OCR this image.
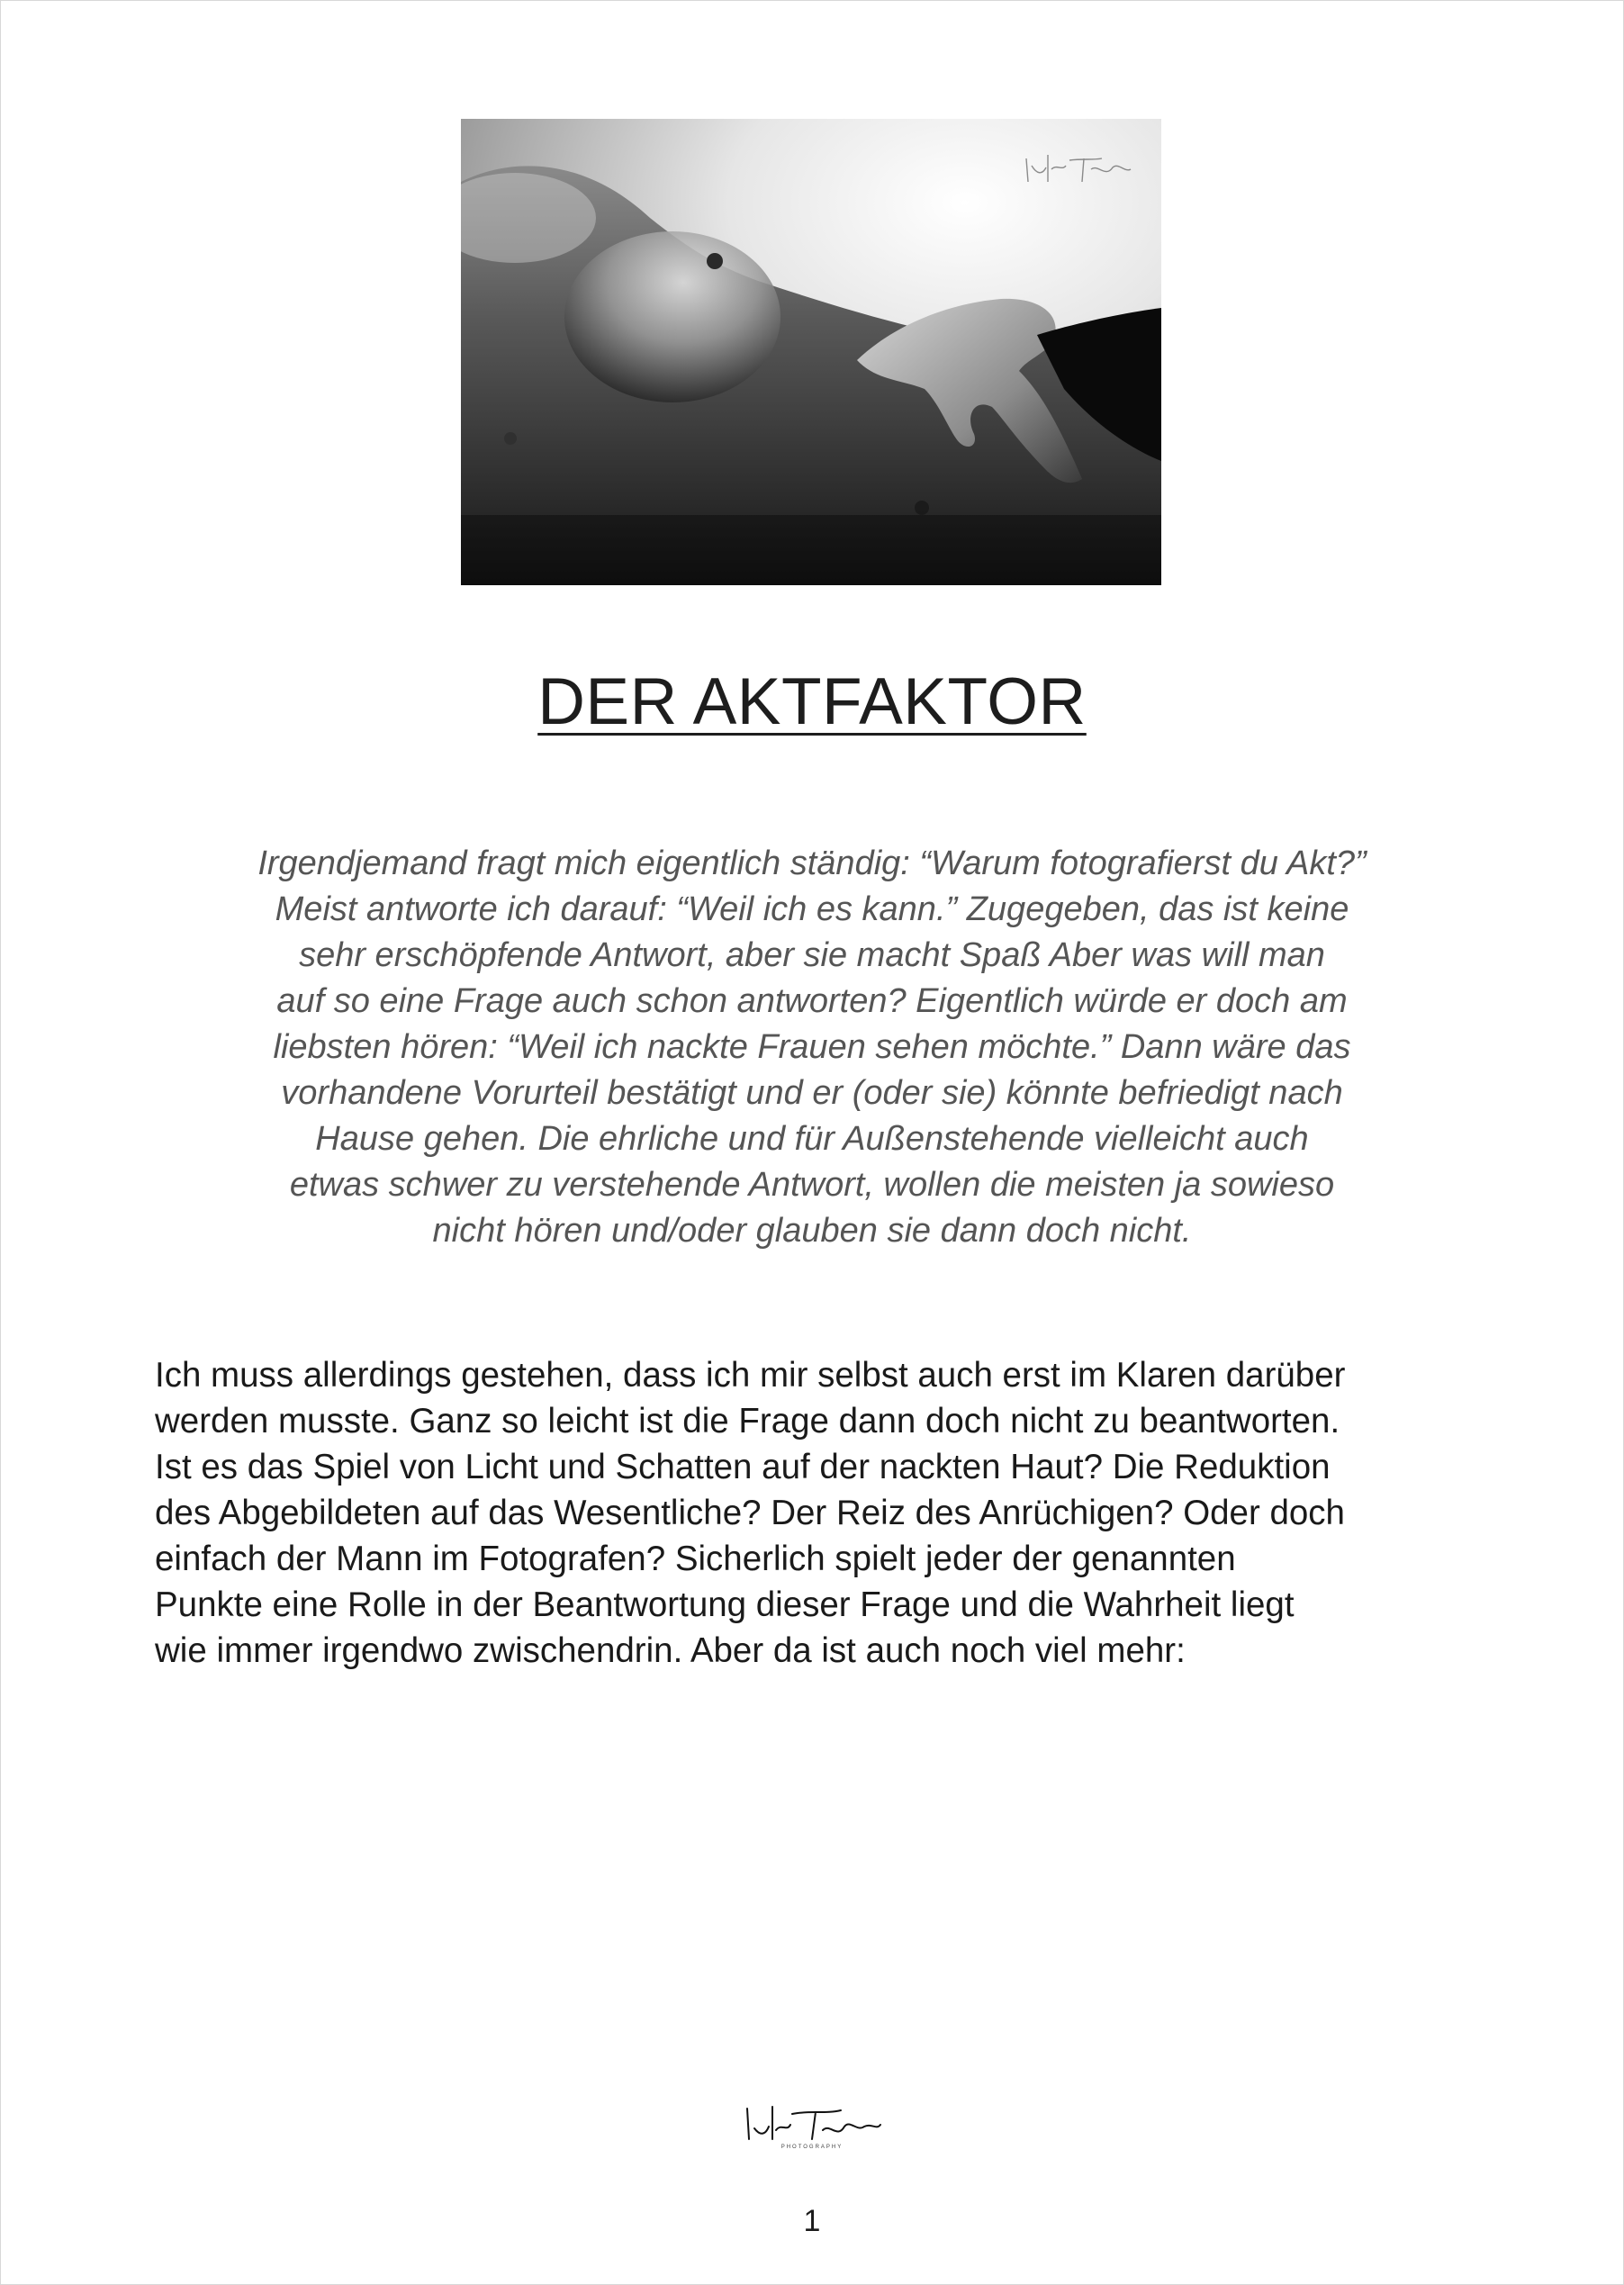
DER AKTFAKTOR

Irgendjemand fragt mich eigentlich ständig: “Warum fotografierst du Akt?”
Meist antworte ich darauf: “Weil ich es kann.” Zugegeben, das ist keine
sehr erschöpfende Antwort, aber sie macht Spaß Aber was will man
auf so eine Frage auch schon antworten? Eigentlich würde er doch am
liebsten hören: “Weil ich nackte Frauen sehen möchte.” Dann wäre das
vorhandene Vorurteil bestätigt und er (oder sie) könnte befriedigt nach
Hause gehen. Die ehrliche und für Außenstehende vielleicht auch
etwas schwer zu verstehende Antwort, wollen die meisten ja sowieso
nicht hören und/oder glauben sie dann doch nicht.

Ich muss allerdings gestehen, dass ich mir selbst auch erst im Klaren darüber
werden musste. Ganz so leicht ist die Frage dann doch nicht zu beantworten.
Ist es das Spiel von Licht und Schatten auf der nackten Haut? Die Reduktion
des Abgebildeten auf das Wesentliche? Der Reiz des Anrüchigen? Oder doch
einfach der Mann im Fotografen? Sicherlich spielt jeder der genannten
Punkte eine Rolle in der Beantwortung dieser Frage und die Wahrheit liegt
wie immer irgendwo zwischendrin. Aber da ist auch noch viel mehr:

PHOTOGRAPHY
1
